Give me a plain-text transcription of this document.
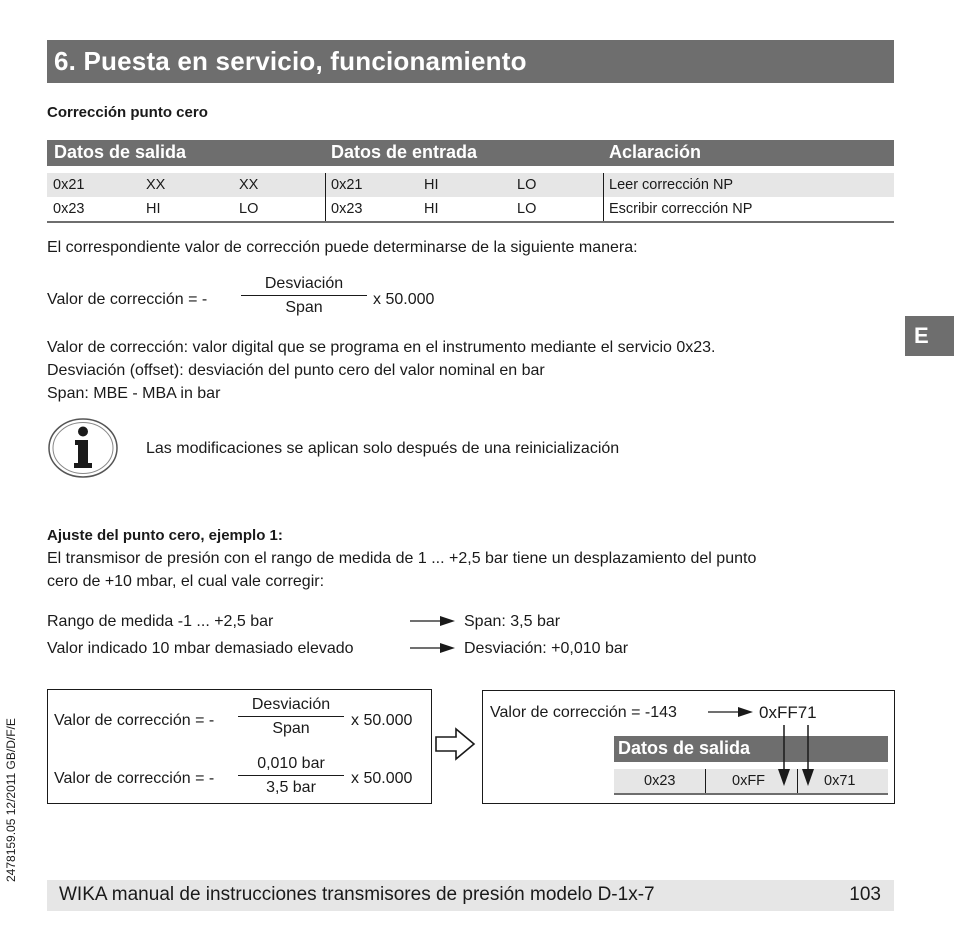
6. Puesta en servicio, funcionamiento
E
Corrección punto cero
Datos de salida	Datos de entrada	Aclaración
0x21	XX	XX	0x21	HI	LO	Leer corrección NP
0x23	HI	LO	0x23	HI	LO	Escribir corrección NP
El correspondiente valor de corrección puede determinarse de la siguiente manera:
Valor de corrección = -
Desviación
Span	x 50.000
Valor de corrección: valor digital que se programa en el instrumento mediante el servicio 0x23.
Desviación (offset): desviación del punto cero del valor nominal en bar
Span: MBE - MBA in bar
Las modificaciones se aplican solo después de una reinicialización
Ajuste del punto cero, ejemplo 1:
El transmisor de presión con el rango de medida de 1 ... +2,5 bar tiene un desplazamiento del punto
cero de +10 mbar, el cual vale corregir:
Rango de medida -1 ... +2,5 bar	Span: 3,5 bar
Valor indicado 10 mbar demasiado elevado	Desviación: +0,010 bar
Valor de corrección = -
Desviación
Span	x 50.000
Valor de corrección = -
0,010 bar
3,5 bar
x 50.000
Valor de corrección = -143	0xFF71
Datos de salida
0x23	0xFF	0x71
2478159.05 12/2011 GB/D/F/E
WIKA manual de instrucciones transmisores de presión modelo D-1x-7	103
